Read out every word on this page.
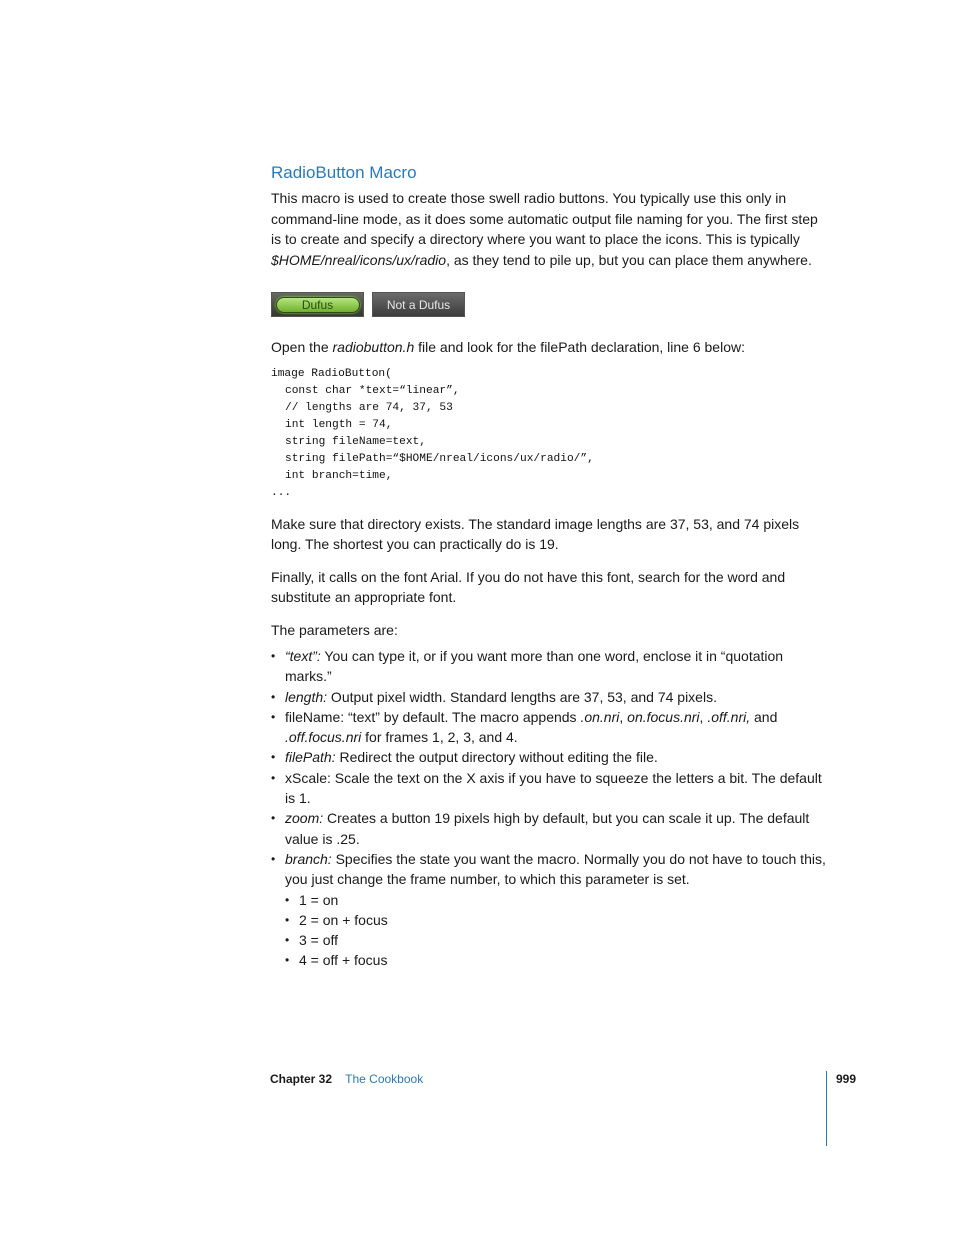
RadioButton Macro

This macro is used to create those swell radio buttons. You typically use this only in command-line mode, as it does some automatic output file naming for you. The first step is to create and specify a directory where you want to place the icons. This is typically $HOME/nreal/icons/ux/radio, as they tend to pile up, but you can place them anywhere.

Dufus	Not a Dufus

Open the radiobutton.h file and look for the filePath declaration, line 6 below:

image RadioButton(
const char *text=“linear”,
// lengths are 74, 37, 53
int length = 74,
string fileName=text,
string filePath=“$HOME/nreal/icons/ux/radio/”,
int branch=time,
...

Make sure that directory exists. The standard image lengths are 37, 53, and 74 pixels long. The shortest you can practically do is 19.

Finally, it calls on the font Arial. If you do not have this font, search for the word and substitute an appropriate font.

The parameters are:

• “text”: You can type it, or if you want more than one word, enclose it in “quotation marks.”
• length: Output pixel width. Standard lengths are 37, 53, and 74 pixels.
• fileName: “text” by default. The macro appends .on.nri, on.focus.nri, .off.nri, and .off.focus.nri for frames 1, 2, 3, and 4.
• filePath: Redirect the output directory without editing the file.
• xScale: Scale the text on the X axis if you have to squeeze the letters a bit. The default is 1.
• zoom: Creates a button 19 pixels high by default, but you can scale it up. The default value is .25.
• branch: Specifies the state you want the macro. Normally you do not have to touch this, you just change the frame number, to which this parameter is set.
• 1 = on
• 2 = on + focus
• 3 = off
• 4 = off + focus
Chapter 32 The Cookbook	999
